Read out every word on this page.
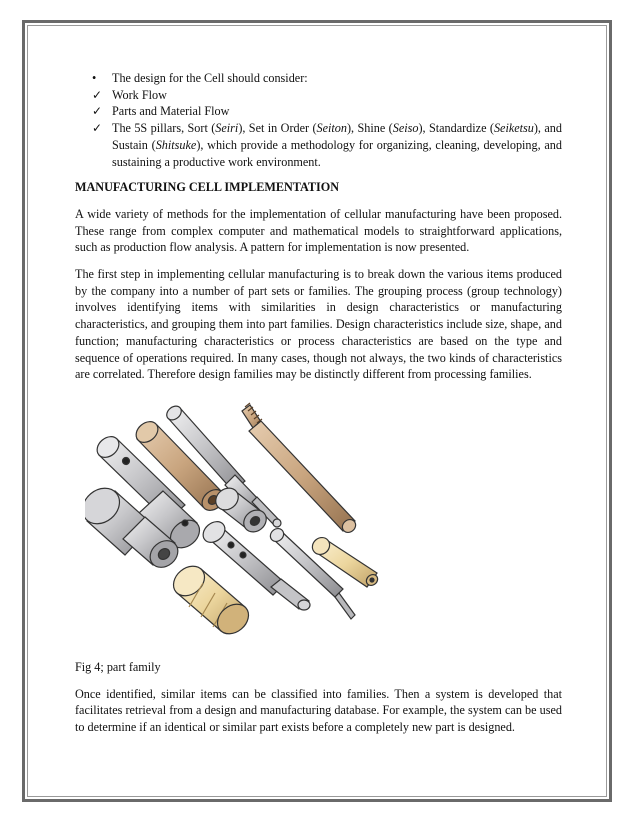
•	The design for the Cell should consider:
✓ Work Flow
✓ Parts and Material Flow
✓ The 5S pillars, Sort (Seiri), Set in Order (Seiton), Shine (Seiso), Standardize (Seiketsu), and Sustain (Shitsuke), which provide a methodology for organizing, cleaning, developing, and sustaining a productive work environment.
MANUFACTURING CELL IMPLEMENTATION

A wide variety of methods for the implementation of cellular manufacturing have been proposed. These range from complex computer and mathematical models to straightforward applications, such as production flow analysis. A pattern for implementation is now presented.

The first step in implementing cellular manufacturing is to break down the various items produced by the company into a number of part sets or families. The grouping process (group technology) involves identifying items with similarities in design characteristics or manufacturing characteristics, and grouping them into part families. Design characteristics include size, shape, and function; manufacturing characteristics or process characteristics are based on the type and sequence of operations required. In many cases, though not always, the two kinds of characteristics are correlated. Therefore design families may be distinctly different from processing families.

Fig 4; part family

Once identified, similar items can be classified into families. Then a system is developed that facilitates retrieval from a design and manufacturing database. For example, the system can be used to determine if an identical or similar part exists before a completely new part is designed.
